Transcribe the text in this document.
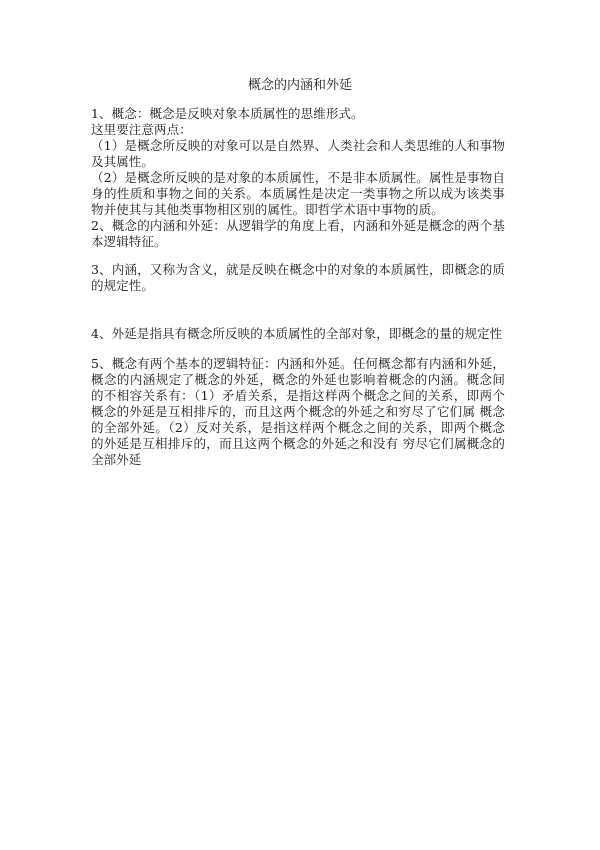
概念的内涵和外延

1、概念：概念是反映对象本质属性的思维形式。

这里要注意两点：

（1）是概念所反映的对象可以是自然界、人类社会和人类思维的人和事物及其属性。

（2）是概念所反映的是对象的本质属性，不是非本质属性。属性是事物自身的性质和事物之间的关系。本质属性是决定一类事物之所以成为该类事物并使其与其他类事物相区别的属性。即哲学术语中事物的质。

2、概念的内涵和外延：从逻辑学的角度上看，内涵和外延是概念的两个基本逻辑特征。

3、内涵，又称为含义，就是反映在概念中的对象的本质属性，即概念的质的规定性。

4、外延是指具有概念所反映的本质属性的全部对象，即概念的量的规定性

5、概念有两个基本的逻辑特征：内涵和外延。任何概念都有内涵和外延，概念的内涵规定了概念的外延，概念的外延也影响着概念的内涵。概念间的不相容关系有：（1）矛盾关系，是指这样两个概念之间的关系，即两个概念的外延是互相排斥的，而且这两个概念的外延之和穷尽了它们属 概念的全部外延。（2）反对关系，是指这样两个概念之间的关系，即两个概念的外延是互相排斥的，而且这两个概念的外延之和没有 穷尽它们属概念的全部外延
